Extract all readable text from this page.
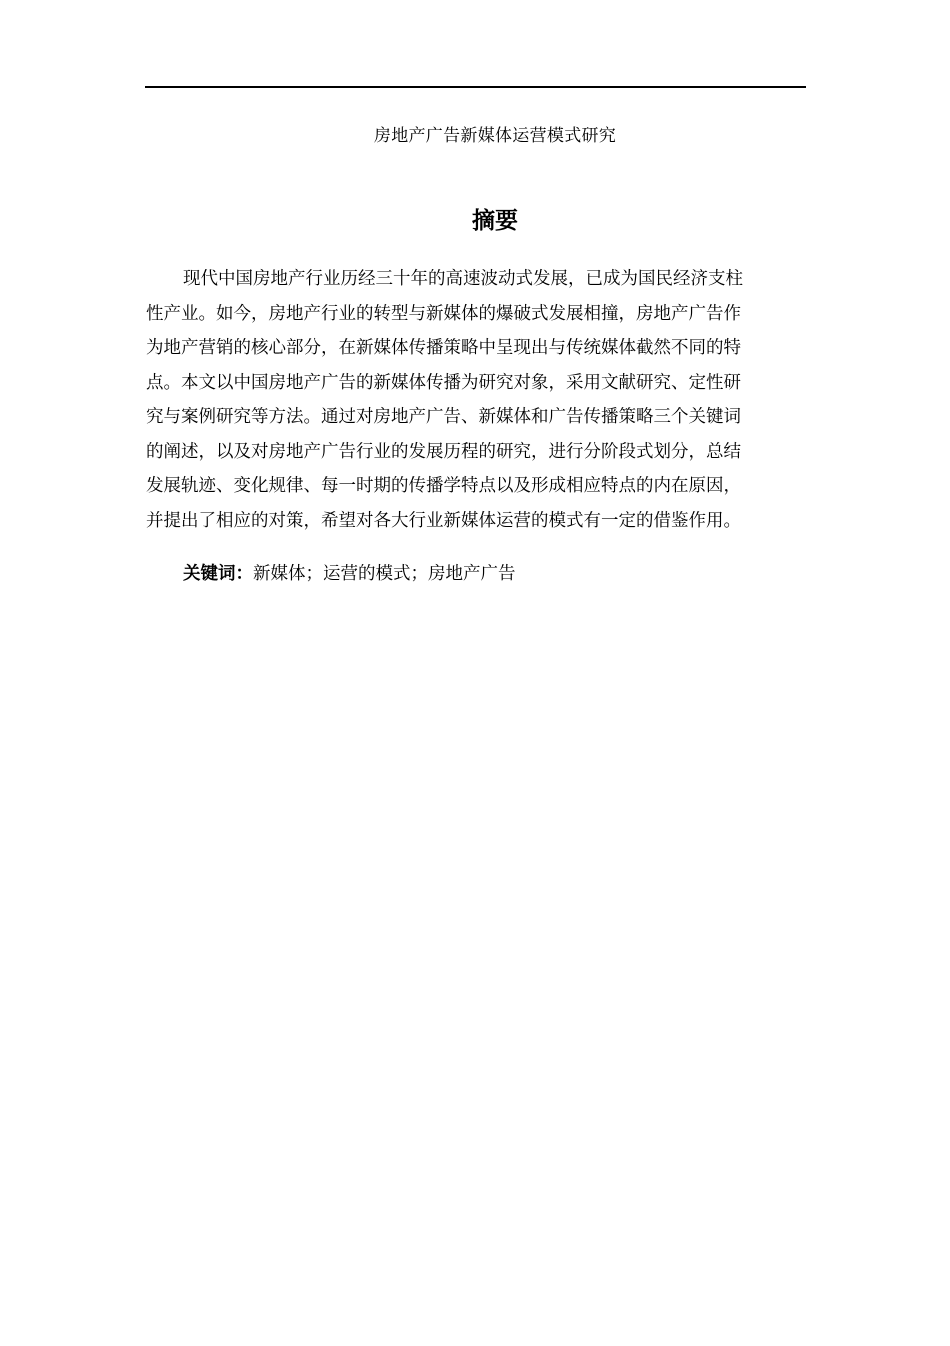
房地产广告新媒体运营模式研究
摘要
现代中国房地产行业历经三十年的高速波动式发展，已成为国民经济支柱
性产业。如今，房地产行业的转型与新媒体的爆破式发展相撞，房地产广告作
为地产营销的核心部分，在新媒体传播策略中呈现出与传统媒体截然不同的特
点。本文以中国房地产广告的新媒体传播为研究对象，采用文献研究、定性研
究与案例研究等方法。通过对房地产广告、新媒体和广告传播策略三个关键词
的阐述，以及对房地产广告行业的发展历程的研究，进行分阶段式划分，总结
发展轨迹、变化规律、每一时期的传播学特点以及形成相应特点的内在原因，
并提出了相应的对策，希望对各大行业新媒体运营的模式有一定的借鉴作用。
关键词：新媒体；运营的模式；房地产广告
